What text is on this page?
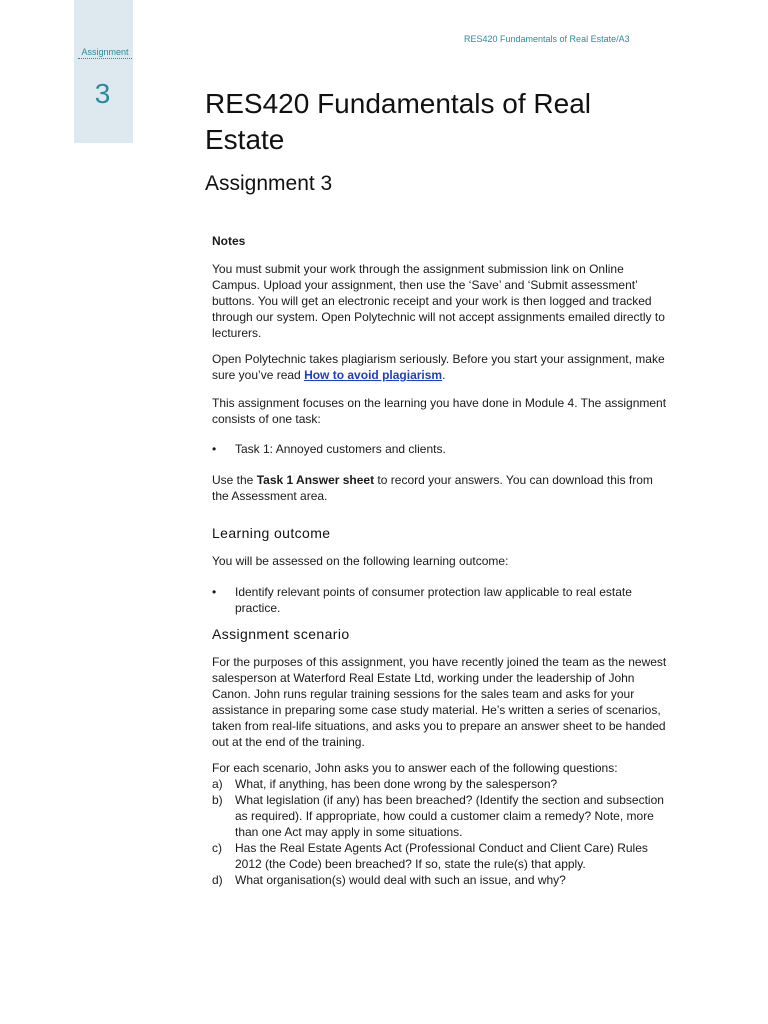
Assignment
3
RES420 Fundamentals of Real Estate/A3
RES420 Fundamentals of Real Estate
Assignment 3

Notes

You must submit your work through the assignment submission link on Online Campus. Upload your assignment, then use the ‘Save’ and ‘Submit assessment’ buttons. You will get an electronic receipt and your work is then logged and tracked through our system. Open Polytechnic will not accept assignments emailed directly to lecturers.

Open Polytechnic takes plagiarism seriously. Before you start your assignment, make sure you’ve read How to avoid plagiarism.

This assignment focuses on the learning you have done in Module 4. The assignment consists of one task:

• Task 1: Annoyed customers and clients.

Use the Task 1 Answer sheet to record your answers. You can download this from the Assessment area.

Learning outcome

You will be assessed on the following learning outcome:

• Identify relevant points of consumer protection law applicable to real estate practice.
Assignment scenario

For the purposes of this assignment, you have recently joined the team as the newest salesperson at Waterford Real Estate Ltd, working under the leadership of John Canon. John runs regular training sessions for the sales team and asks for your assistance in preparing some case study material. He’s written a series of scenarios, taken from real-life situations, and asks you to prepare an answer sheet to be handed out at the end of the training.

For each scenario, John asks you to answer each of the following questions:

a) What, if anything, has been done wrong by the salesperson?
b) What legislation (if any) has been breached? (Identify the section and subsection as required). If appropriate, how could a customer claim a remedy? Note, more than one Act may apply in some situations.
c) Has the Real Estate Agents Act (Professional Conduct and Client Care) Rules 2012 (the Code) been breached? If so, state the rule(s) that apply.
d) What organisation(s) would deal with such an issue, and why?
